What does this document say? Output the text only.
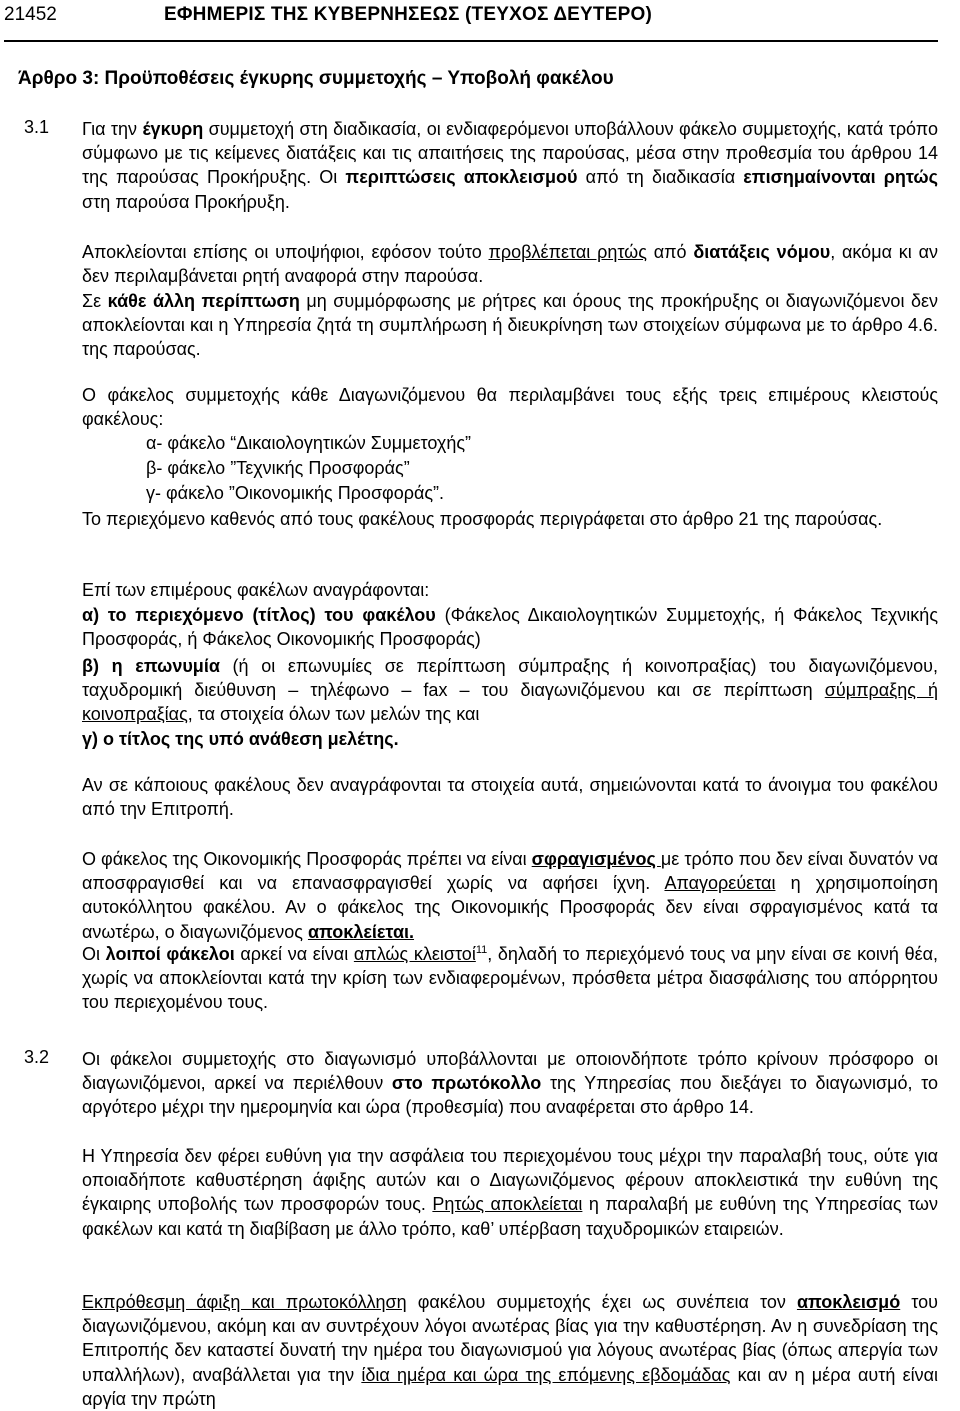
21452	ΕΦΗΜΕΡΙΣ ΤΗΣ ΚΥΒΕΡΝΗΣΕΩΣ (ΤΕΥΧΟΣ ΔΕΥΤΕΡΟ)
Άρθρο 3: Προϋποθέσεις έγκυρης συμμετοχής – Υποβολή φακέλου
3.1 Για την έγκυρη συμμετοχή στη διαδικασία, οι ενδιαφερόμενοι υποβάλλουν φάκελο συμμετοχής, κατά τρόπο σύμφωνο με τις κείμενες διατάξεις και τις απαιτήσεις της παρούσας, μέσα στην προθεσμία του άρθρου 14 της παρούσας Προκήρυξης. Οι περιπτώσεις αποκλεισμού από τη διαδικασία επισημαίνονται ρητώς στη παρούσα Προκήρυξη.
Αποκλείονται επίσης οι υποψήφιοι, εφόσον τούτο προβλέπεται ρητώς από διατάξεις νόμου, ακόμα κι αν δεν περιλαμβάνεται ρητή αναφορά στην παρούσα.
Σε κάθε άλλη περίπτωση μη συμμόρφωσης με ρήτρες και όρους της προκήρυξης οι διαγωνιζόμενοι δεν αποκλείονται και η Υπηρεσία ζητά τη συμπλήρωση ή διευκρίνηση των στοιχείων σύμφωνα με το άρθρο 4.6. της παρούσας.
Ο φάκελος συμμετοχής κάθε Διαγωνιζόμενου θα περιλαμβάνει τους εξής τρεις επιμέρους κλειστούς φακέλους:
α- φάκελο “Δικαιολογητικών Συμμετοχής”
β- φάκελο ”Τεχνικής Προσφοράς”
γ- φάκελο ”Οικονομικής Προσφοράς”.
Το περιεχόμενο καθενός από τους φακέλους προσφοράς περιγράφεται στο άρθρο 21 της παρούσας.
Επί των επιμέρους φακέλων αναγράφονται:
α) το περιεχόμενο (τίτλος) του φακέλου (Φάκελος Δικαιολογητικών Συμμετοχής, ή Φάκελος Τεχνικής Προσφοράς, ή Φάκελος Οικονομικής Προσφοράς)
β) η επωνυμία (ή οι επωνυμίες σε περίπτωση σύμπραξης ή κοινοπραξίας) του διαγωνιζόμενου, ταχυδρομική διεύθυνση – τηλέφωνο – fax – του διαγωνιζόμενου και σε περίπτωση σύμπραξης ή κοινοπραξίας, τα στοιχεία όλων των μελών της και
γ) ο τίτλος της υπό ανάθεση μελέτης.
Αν σε κάποιους φακέλους δεν αναγράφονται τα στοιχεία αυτά, σημειώνονται κατά το άνοιγμα του φακέλου από την Επιτροπή.
Ο φάκελος της Οικονομικής Προσφοράς πρέπει να είναι σφραγισμένος με τρόπο που δεν είναι δυνατόν να αποσφραγισθεί και να επανασφραγισθεί χωρίς να αφήσει ίχνη. Απαγορεύεται η χρησιμοποίηση αυτοκόλλητου φακέλου. Αν ο φάκελος της Οικονομικής Προσφοράς δεν είναι σφραγισμένος κατά τα ανωτέρω, ο διαγωνιζόμενος αποκλείεται.
Οι λοιποί φάκελοι αρκεί να είναι απλώς κλειστοί$^{11}$, δηλαδή το περιεχόμενό τους να μην είναι σε κοινή θέα, χωρίς να αποκλείονται κατά την κρίση των ενδιαφερομένων, πρόσθετα μέτρα διασφάλισης του απόρρητου του περιεχομένου τους.
3.2 Οι φάκελοι συμμετοχής στο διαγωνισμό υποβάλλονται με οποιονδήποτε τρόπο κρίνουν πρόσφορο οι διαγωνιζόμενοι, αρκεί να περιέλθουν στο πρωτόκολλο της Υπηρεσίας που διεξάγει το διαγωνισμό, το αργότερο μέχρι την ημερομηνία και ώρα (προθεσμία) που αναφέρεται στο άρθρο 14.
Η Υπηρεσία δεν φέρει ευθύνη για την ασφάλεια του περιεχομένου τους μέχρι την παραλαβή τους, ούτε για οποιαδήποτε καθυστέρηση άφιξης αυτών και ο Διαγωνιζόμενος φέρουν αποκλειστικά την ευθύνη της έγκαιρης υποβολής των προσφορών τους. Ρητώς αποκλείεται η παραλαβή με ευθύνη της Υπηρεσίας των φακέλων και κατά τη διαβίβαση με άλλο τρόπο, καθ’ υπέρβαση ταχυδρομικών εταιρειών.
Εκπρόθεσμη άφιξη και πρωτοκόλληση φακέλου συμμετοχής έχει ως συνέπεια τον αποκλεισμό του διαγωνιζόμενου, ακόμη και αν συντρέχουν λόγοι ανωτέρας βίας για την καθυστέρηση. Αν η συνεδρίαση της Επιτροπής δεν καταστεί δυνατή την ημέρα του διαγωνισμού για λόγους ανωτέρας βίας (όπως απεργία των υπαλλήλων), αναβάλλεται για την ίδια ημέρα και ώρα της επόμενης εβδομάδας και αν η μέρα αυτή είναι αργία την πρώτη
